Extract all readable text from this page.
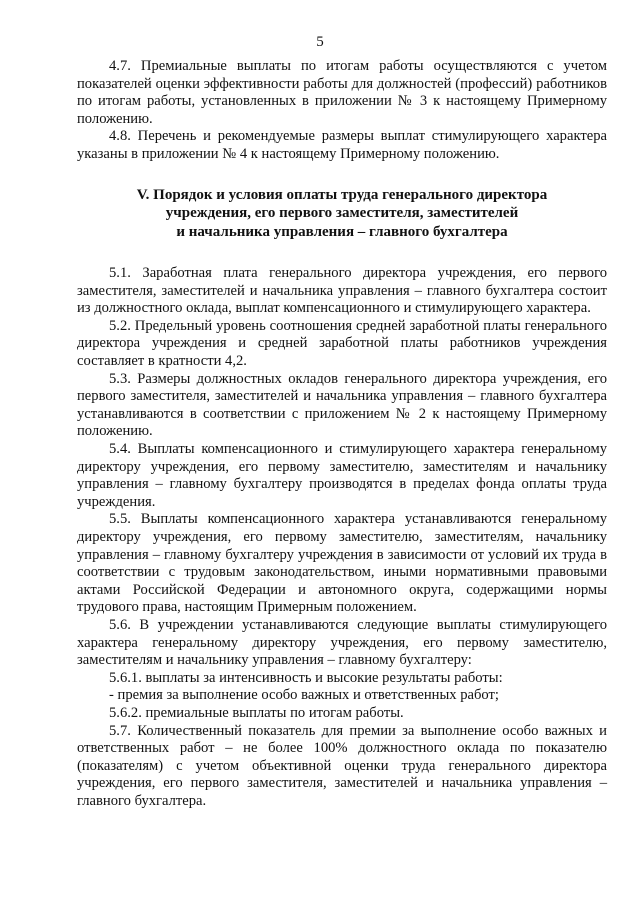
5

4.7. Премиальные выплаты по итогам работы осуществляются с учетом показателей оценки эффективности работы для должностей (профессий) работников по итогам работы, установленных в приложении № 3 к настоящему Примерному положению.

4.8. Перечень и рекомендуемые размеры выплат стимулирующего характера указаны в приложении № 4 к настоящему Примерному положению.

V. Порядок и условия оплаты труда генерального директора
учреждения, его первого заместителя, заместителей
и начальника управления – главного бухгалтера

5.1. Заработная плата генерального директора учреждения, его первого заместителя, заместителей и начальника управления – главного бухгалтера состоит из должностного оклада, выплат компенсационного и стимулирующего характера.

5.2. Предельный уровень соотношения средней заработной платы генерального директора учреждения и средней заработной платы работников учреждения составляет в кратности 4,2.

5.3. Размеры должностных окладов генерального директора учреждения, его первого заместителя, заместителей и начальника управления – главного бухгалтера устанавливаются в соответствии с приложением № 2 к настоящему Примерному положению.

5.4. Выплаты компенсационного и стимулирующего характера генеральному директору учреждения, его первому заместителю, заместителям и начальнику управления – главному бухгалтеру производятся в пределах фонда оплаты труда учреждения.

5.5. Выплаты компенсационного характера устанавливаются генеральному директору учреждения, его первому заместителю, заместителям, начальнику управления – главному бухгалтеру учреждения в зависимости от условий их труда в соответствии с трудовым законодательством, иными нормативными правовыми актами Российской Федерации и автономного округа, содержащими нормы трудового права, настоящим Примерным положением.

5.6. В учреждении устанавливаются следующие выплаты стимулирующего характера генеральному директору учреждения, его первому заместителю, заместителям и начальнику управления – главному бухгалтеру:

5.6.1. выплаты за интенсивность и высокие результаты работы:

- премия за выполнение особо важных и ответственных работ;

5.6.2. премиальные выплаты по итогам работы.

5.7. Количественный показатель для премии за выполнение особо важных и ответственных работ – не более 100% должностного оклада по показателю (показателям) с учетом объективной оценки труда генерального директора учреждения, его первого заместителя, заместителей и начальника управления – главного бухгалтера.
